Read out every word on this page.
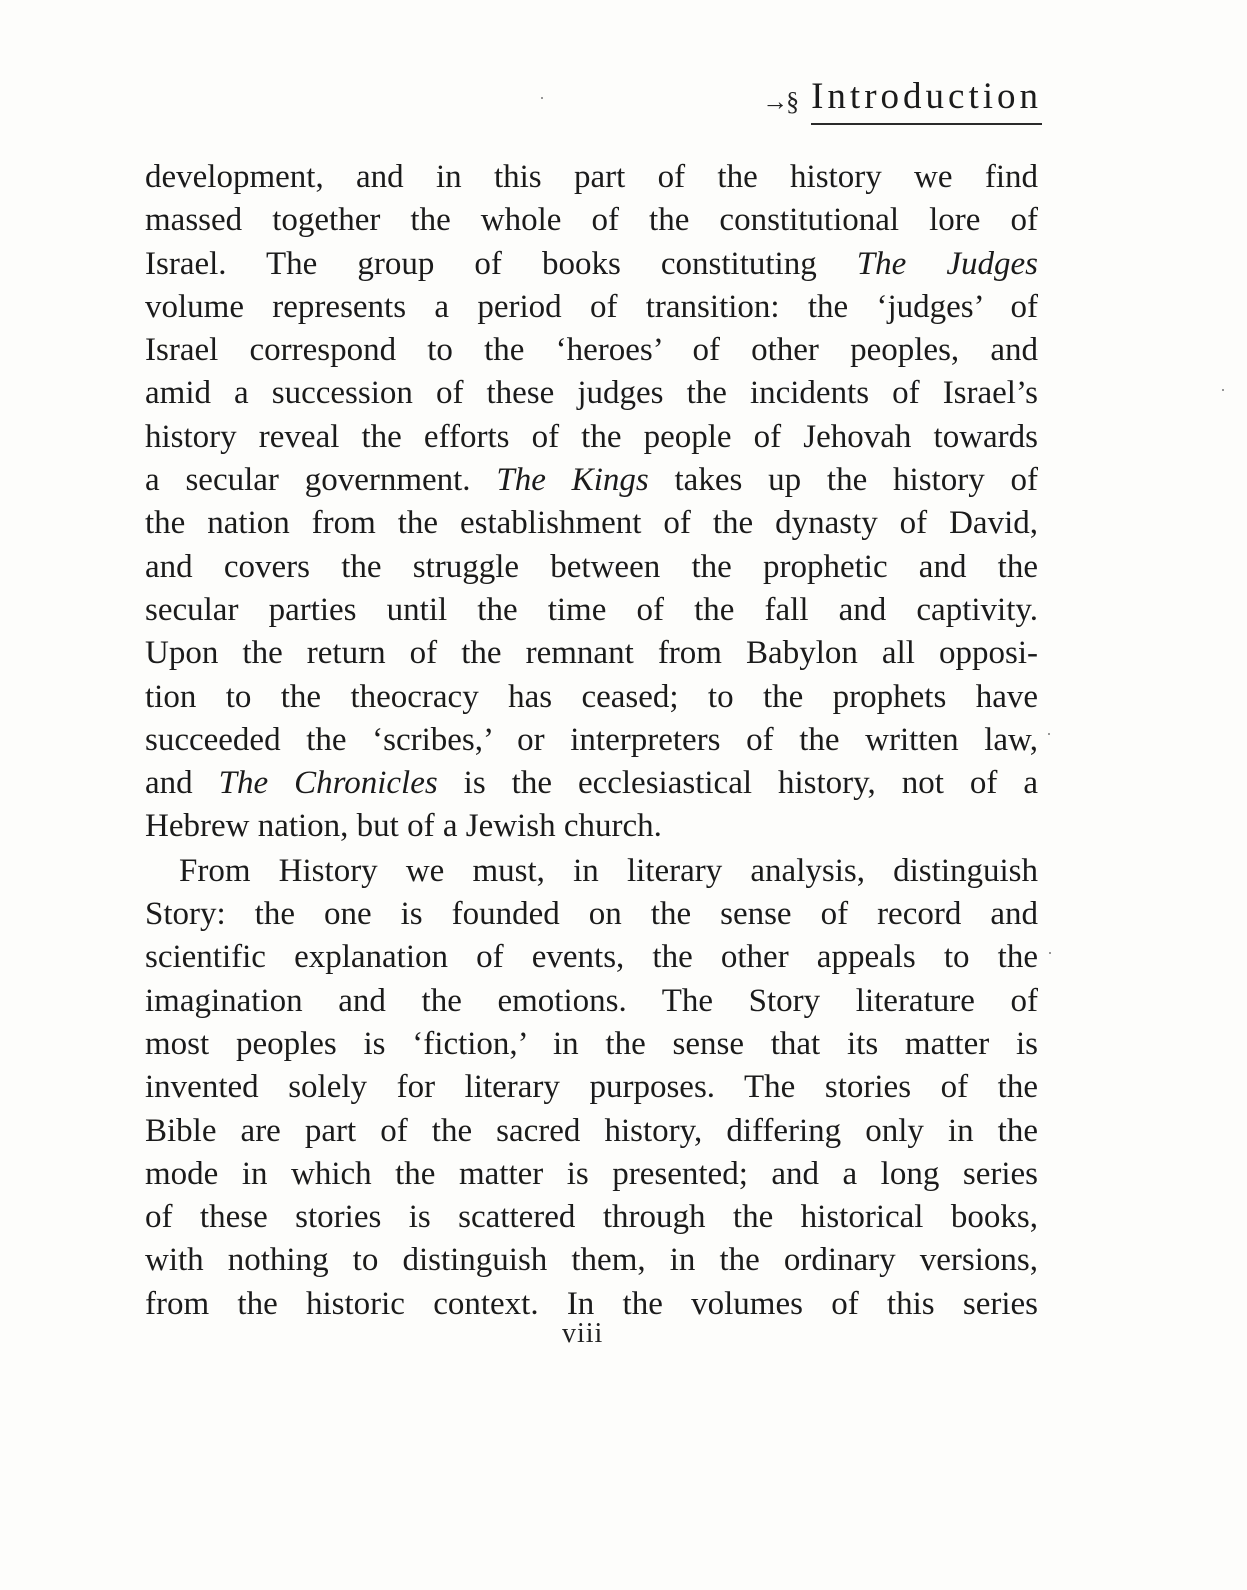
→§ Introduction
development, and in this part of the history we find
massed together the whole of the constitutional lore of
Israel. The group of books constituting The Judges
volume represents a period of transition: the ‘judges’ of
Israel correspond to the ‘heroes’ of other peoples, and
amid a succession of these judges the incidents of Israel’s
history reveal the efforts of the people of Jehovah towards
a secular government. The Kings takes up the history of
the nation from the establishment of the dynasty of David,
and covers the struggle between the prophetic and the
secular parties until the time of the fall and captivity.
Upon the return of the remnant from Babylon all opposi-
tion to the theocracy has ceased; to the prophets have
succeeded the ‘scribes,’ or interpreters of the written law,
and The Chronicles is the ecclesiastical history, not of a
Hebrew nation, but of a Jewish church.
From History we must, in literary analysis, distinguish
Story: the one is founded on the sense of record and
scientific explanation of events, the other appeals to the
imagination and the emotions. The Story literature of
most peoples is ‘fiction,’ in the sense that its matter is
invented solely for literary purposes. The stories of the
Bible are part of the sacred history, differing only in the
mode in which the matter is presented; and a long series
of these stories is scattered through the historical books,
with nothing to distinguish them, in the ordinary versions,
from the historic context. In the volumes of this series
viii
